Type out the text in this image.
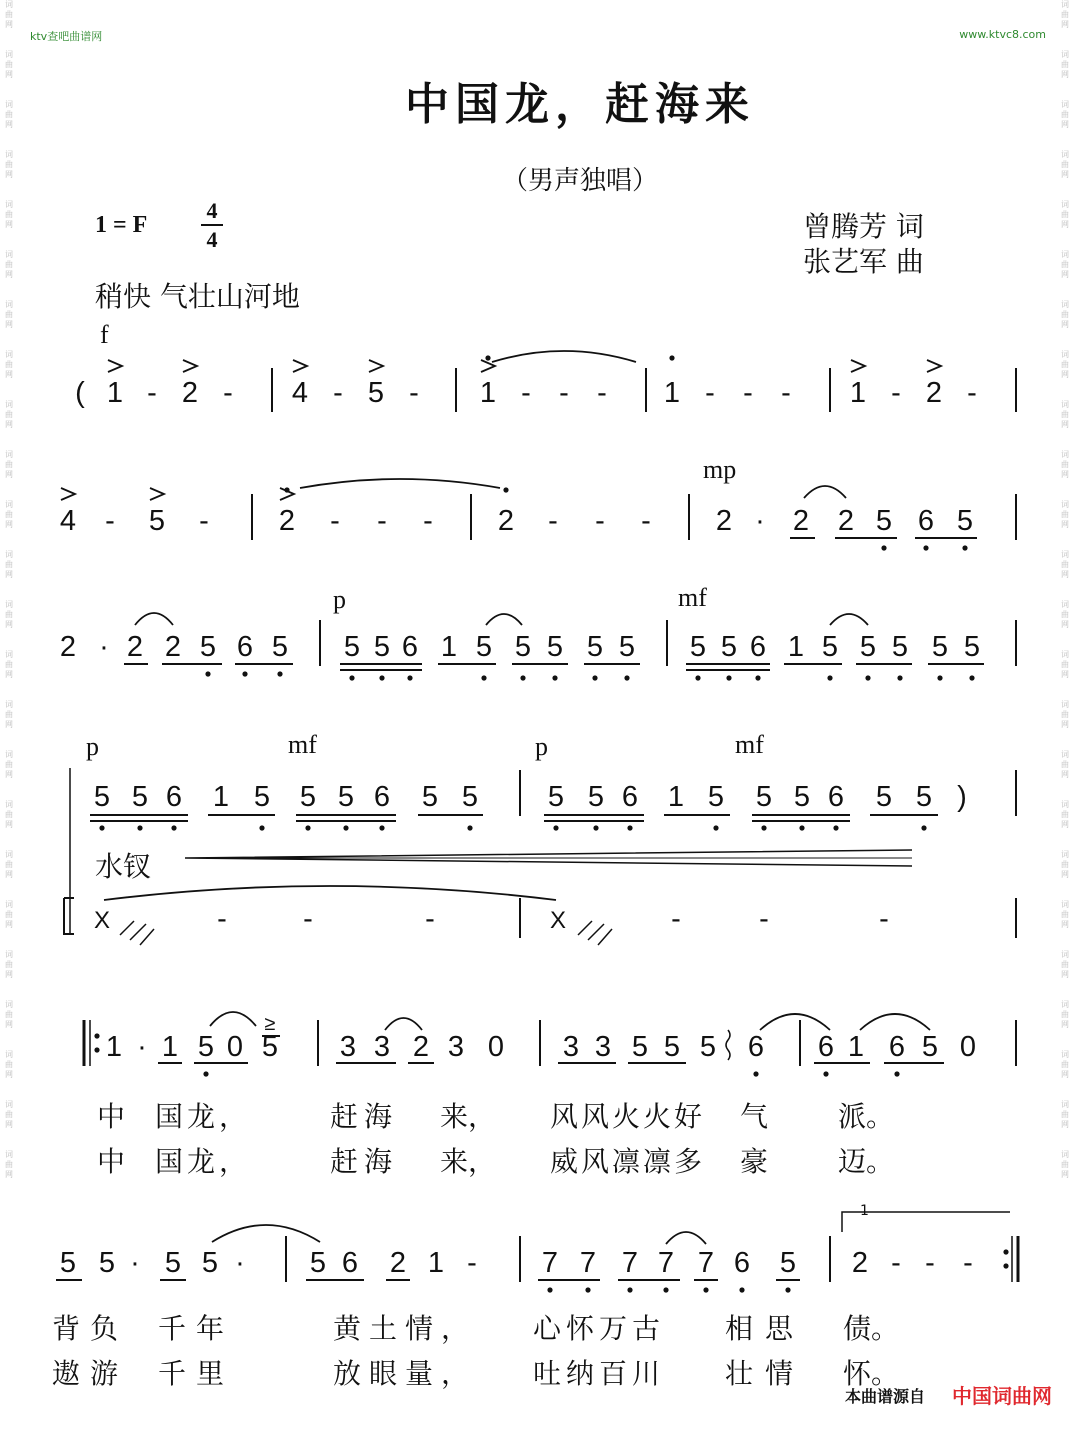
ktv查吧曲谱网	www.ktvc8.com
词
曲
网

词
曲
网

词
曲
网

词
曲
网

词
曲
网

词
曲
网

词
曲
网

词
曲
网

词
曲
网

词
曲
网

词
曲
网

词
曲
网

词
曲
网

词
曲
网

词
曲
网

词
曲
网

词
曲
网

词
曲
网

词
曲
网

词
曲
网

词
曲
网

词
曲
网

词
曲
网

词
曲
网

词
曲
网

词
曲
网

词
曲
网

词
曲
网

词
曲
网

词
曲
网

词
曲
网

词
曲
网

词
曲
网

词
曲
网

词
曲
网

词
曲
网

词
曲
网

词
曲
网

词
曲
网

词
曲
网

词
曲
网

词
曲
网

词
曲
网

词
曲
网

词
曲
网

词
曲
网

词
曲
网

词
曲
网

中国龙，赶海来
（男声独唱）
1 = F
4
4	曾腾芳 词
张艺军 曲
稍快 气壮山河地
f
mp
p	mf
p	mf	p	mf
水钗
中 国龙，	赶海 来， 风风火火好 气 派。
中 国龙，	赶海 来， 威风凛凛多 豪 迈。
背负 千年	黄土情， 心怀万古 相思 债。
遨游 千里	放眼量， 吐纳百川 壮情 怀。
1
本曲谱源自 中国词曲网
( 1 - 2 - 4 - 5 - 1 - - - 1 - - - 1 - 2 -
4 - 5 - 2 - - - 2 - - - 2 · 2 2 5 6 5
2 · 2 2 5 6 5 5 5 6 1 5 5 5 5 5 5 5 6 1 5 5 5 5 5
5 5 6 1 5 5 5 6 5 5 5 5 6 1 5 5 5 6 5 5 )
X	-	-	-	X	-	-	-
1 · 1 5 0 5
≥
3 3 2 3 0 3 3 5 5 5 6 6 1 6 5 0
5 5 · 5 5 · 5 6 2 1 - 7 7 7 7 7 6 5 2 - - -
